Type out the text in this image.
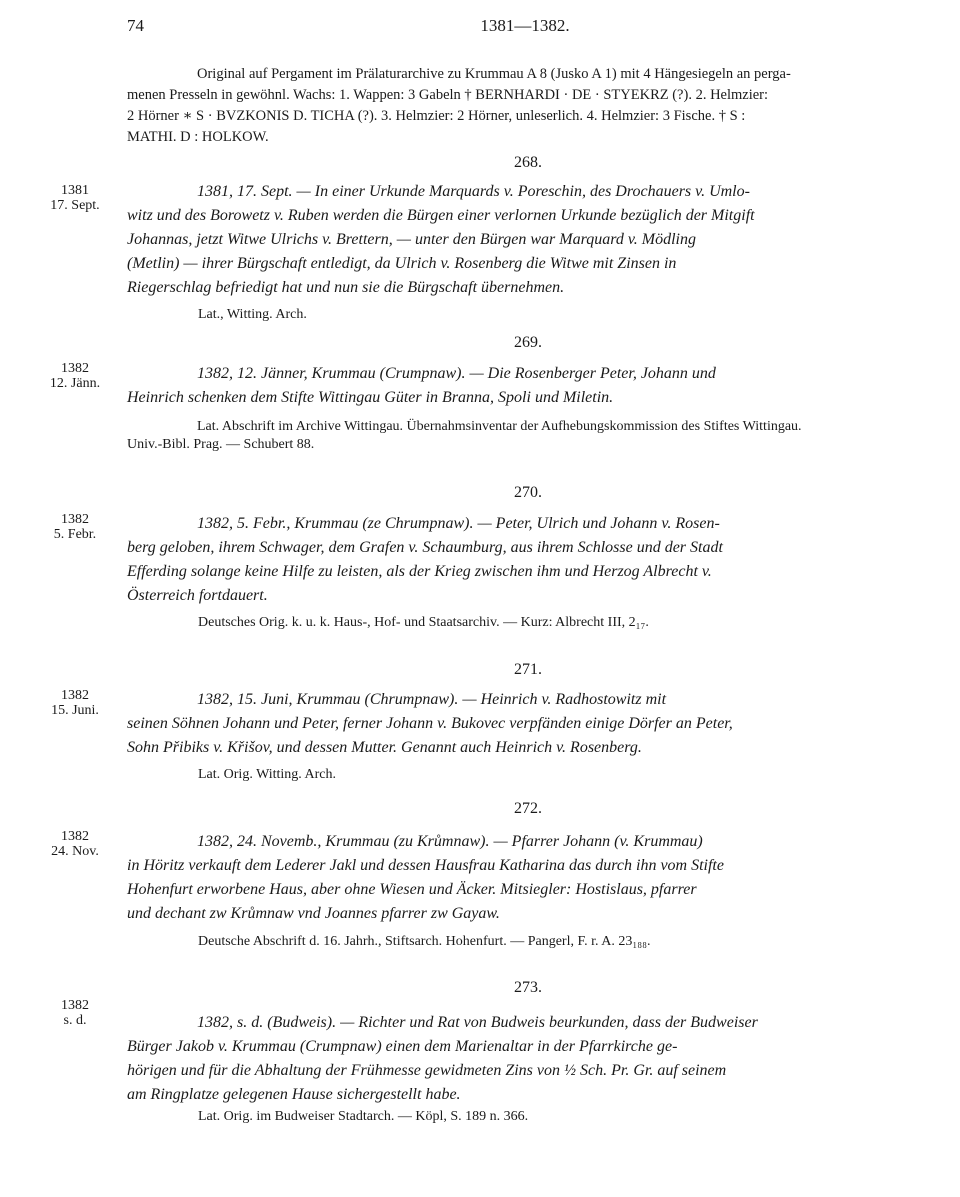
74	1381—1382.
Original auf Pergament im Prälaturarchive zu Krummau A 8 (Jusko A 1) mit 4 Hängesiegeln an perga-
menen Presseln in gewöhnl. Wachs: 1. Wappen: 3 Gabeln † BERNHARDI · DE · STYEKRZ (?). 2. Helmzier:
2 Hörner ∗ S · BVZKONIS D. TICHA (?). 3. Helmzier: 2 Hörner, unleserlich. 4. Helmzier: 3 Fische. † S :
MATHI. D : HOLKOW.
268.
1381
17. Sept.
1381, 17. Sept. — In einer Urkunde Marquards v. Poreschin, des Drochauers v. Umlo-
witz und des Borowetz v. Ruben werden die Bürgen einer verlornen Urkunde bezüglich der Mitgift
Johannas, jetzt Witwe Ulrichs v. Brettern, — unter den Bürgen war Marquard v. Mödling
(Metlin) — ihrer Bürgschaft entledigt, da Ulrich v. Rosenberg die Witwe mit Zinsen in
Riegerschlag befriedigt hat und nun sie die Bürgschaft übernehmen.
Lat., Witting. Arch.
269.
1382
12. Jänn.
1382, 12. Jänner, Krummau (Crumpnaw). — Die Rosenberger Peter, Johann und
Heinrich schenken dem Stifte Wittingau Güter in Branna, Spoli und Miletin.
Lat. Abschrift im Archive Wittingau. Übernahmsinventar der Aufhebungskommission des Stiftes Wittingau.
Univ.-Bibl. Prag. — Schubert 88.
270.
1382
5. Febr.
1382, 5. Febr., Krummau (ze Chrumpnaw). — Peter, Ulrich und Johann v. Rosen-
berg geloben, ihrem Schwager, dem Grafen v. Schaumburg, aus ihrem Schlosse und der Stadt
Efferding solange keine Hilfe zu leisten, als der Krieg zwischen ihm und Herzog Albrecht v.
Österreich fortdauert.
Deutsches Orig. k. u. k. Haus-, Hof- und Staatsarchiv. — Kurz: Albrecht III, 2₁₇.
271.
1382
15. Juni.
1382, 15. Juni, Krummau (Chrumpnaw). — Heinrich v. Radhostowitz mit
seinen Söhnen Johann und Peter, ferner Johann v. Bukovec verpfänden einige Dörfer an Peter,
Sohn Přibiks v. Křišov, und dessen Mutter. Genannt auch Heinrich v. Rosenberg.
Lat. Orig. Witting. Arch.
272.
1382
24. Nov.
1382, 24. Novemb., Krummau (zu Krůmnaw). — Pfarrer Johann (v. Krummau)
in Höritz verkauft dem Lederer Jakl und dessen Hausfrau Katharina das durch ihn vom Stifte
Hohenfurt erworbene Haus, aber ohne Wiesen und Äcker. Mitsiegler: Hostislaus, pfarrer
und dechant zw Krůmnaw vnd Joannes pfarrer zw Gayaw.
Deutsche Abschrift d. 16. Jahrh., Stiftsarch. Hohenfurt. — Pangerl, F. r. A. 23₁₈₈.
273.
1382
s. d.	1382, s. d. (Budweis). — Richter und Rat von Budweis beurkunden, dass der Budweiser
Bürger Jakob v. Krummau (Crumpnaw) einen dem Marienaltar in der Pfarrkirche ge-
hörigen und für die Abhaltung der Frühmesse gewidmeten Zins von ½ Sch. Pr. Gr. auf seinem
am Ringplatze gelegenen Hause sichergestellt habe.
Lat. Orig. im Budweiser Stadtarch. — Köpl, S. 189 n. 366.
